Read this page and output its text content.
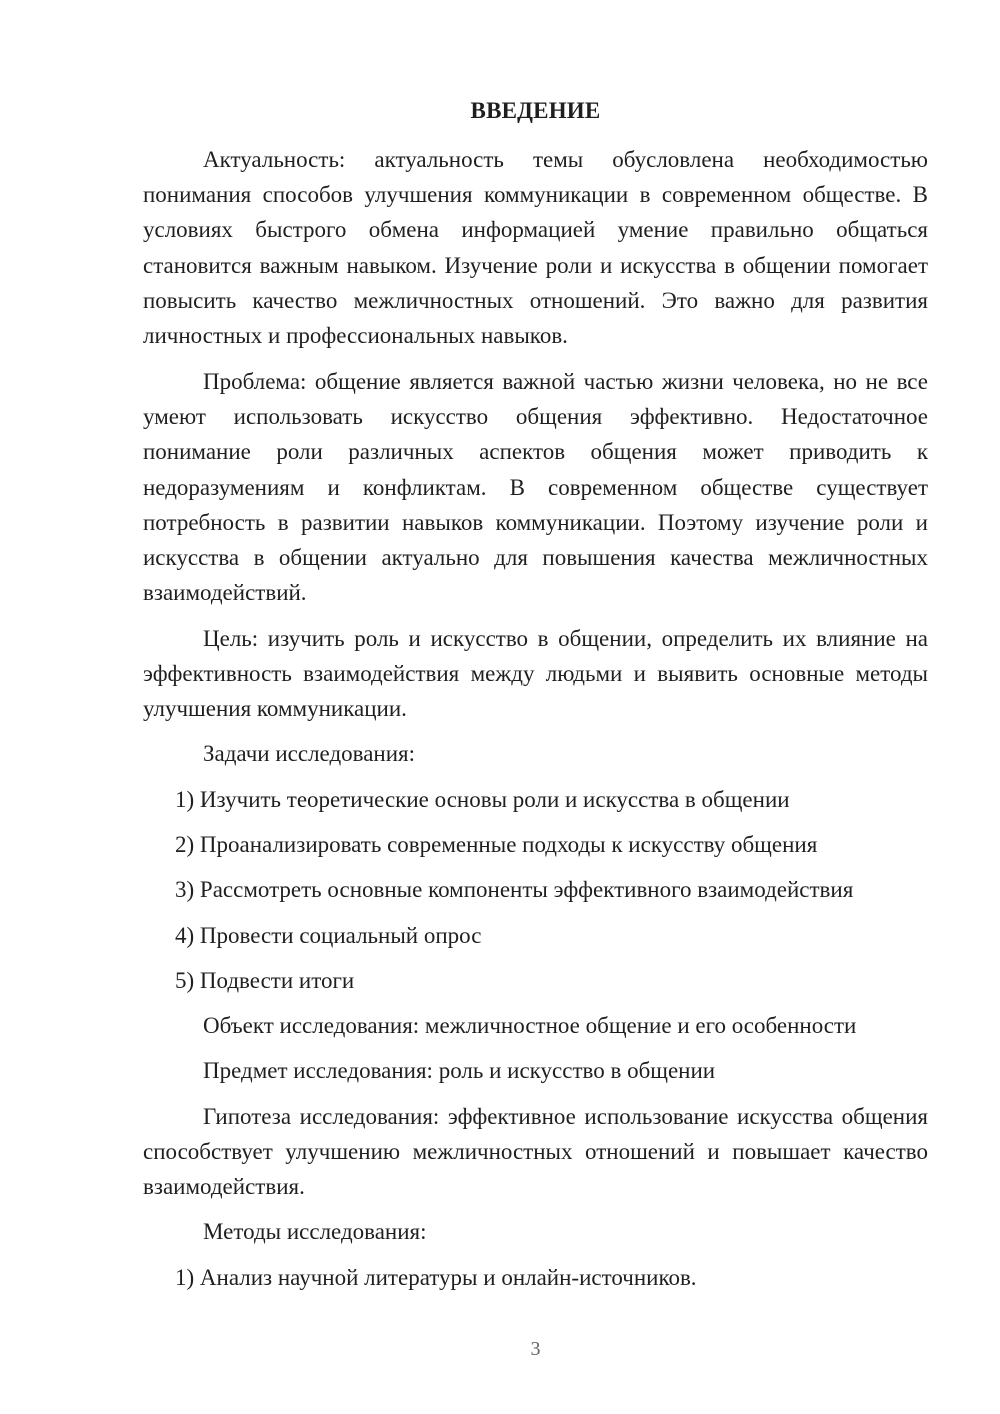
ВВЕДЕНИЕ

Актуальность: актуальность темы обусловлена необходимостью понимания способов улучшения коммуникации в современном обществе. В условиях быстрого обмена информацией умение правильно общаться становится важным навыком. Изучение роли и искусства в общении помогает повысить качество межличностных отношений. Это важно для развития личностных и профессиональных навыков.

Проблема: общение является важной частью жизни человека, но не все умеют использовать искусство общения эффективно. Недостаточное понимание роли различных аспектов общения может приводить к недоразумениям и конфликтам. В современном обществе существует потребность в развитии навыков коммуникации. Поэтому изучение роли и искусства в общении актуально для повышения качества межличностных взаимодействий.

Цель: изучить роль и искусство в общении, определить их влияние на эффективность взаимодействия между людьми и выявить основные методы улучшения коммуникации.

Задачи исследования:

1) Изучить теоретические основы роли и искусства в общении

2) Проанализировать современные подходы к искусству общения

3) Рассмотреть основные компоненты эффективного взаимодействия

4) Провести социальный опрос

5) Подвести итоги

Объект исследования: межличностное общение и его особенности

Предмет исследования: роль и искусство в общении

Гипотеза исследования: эффективное использование искусства общения способствует улучшению межличностных отношений и повышает качество взаимодействия.

Методы исследования:

1) Анализ научной литературы и онлайн-источников.

3
